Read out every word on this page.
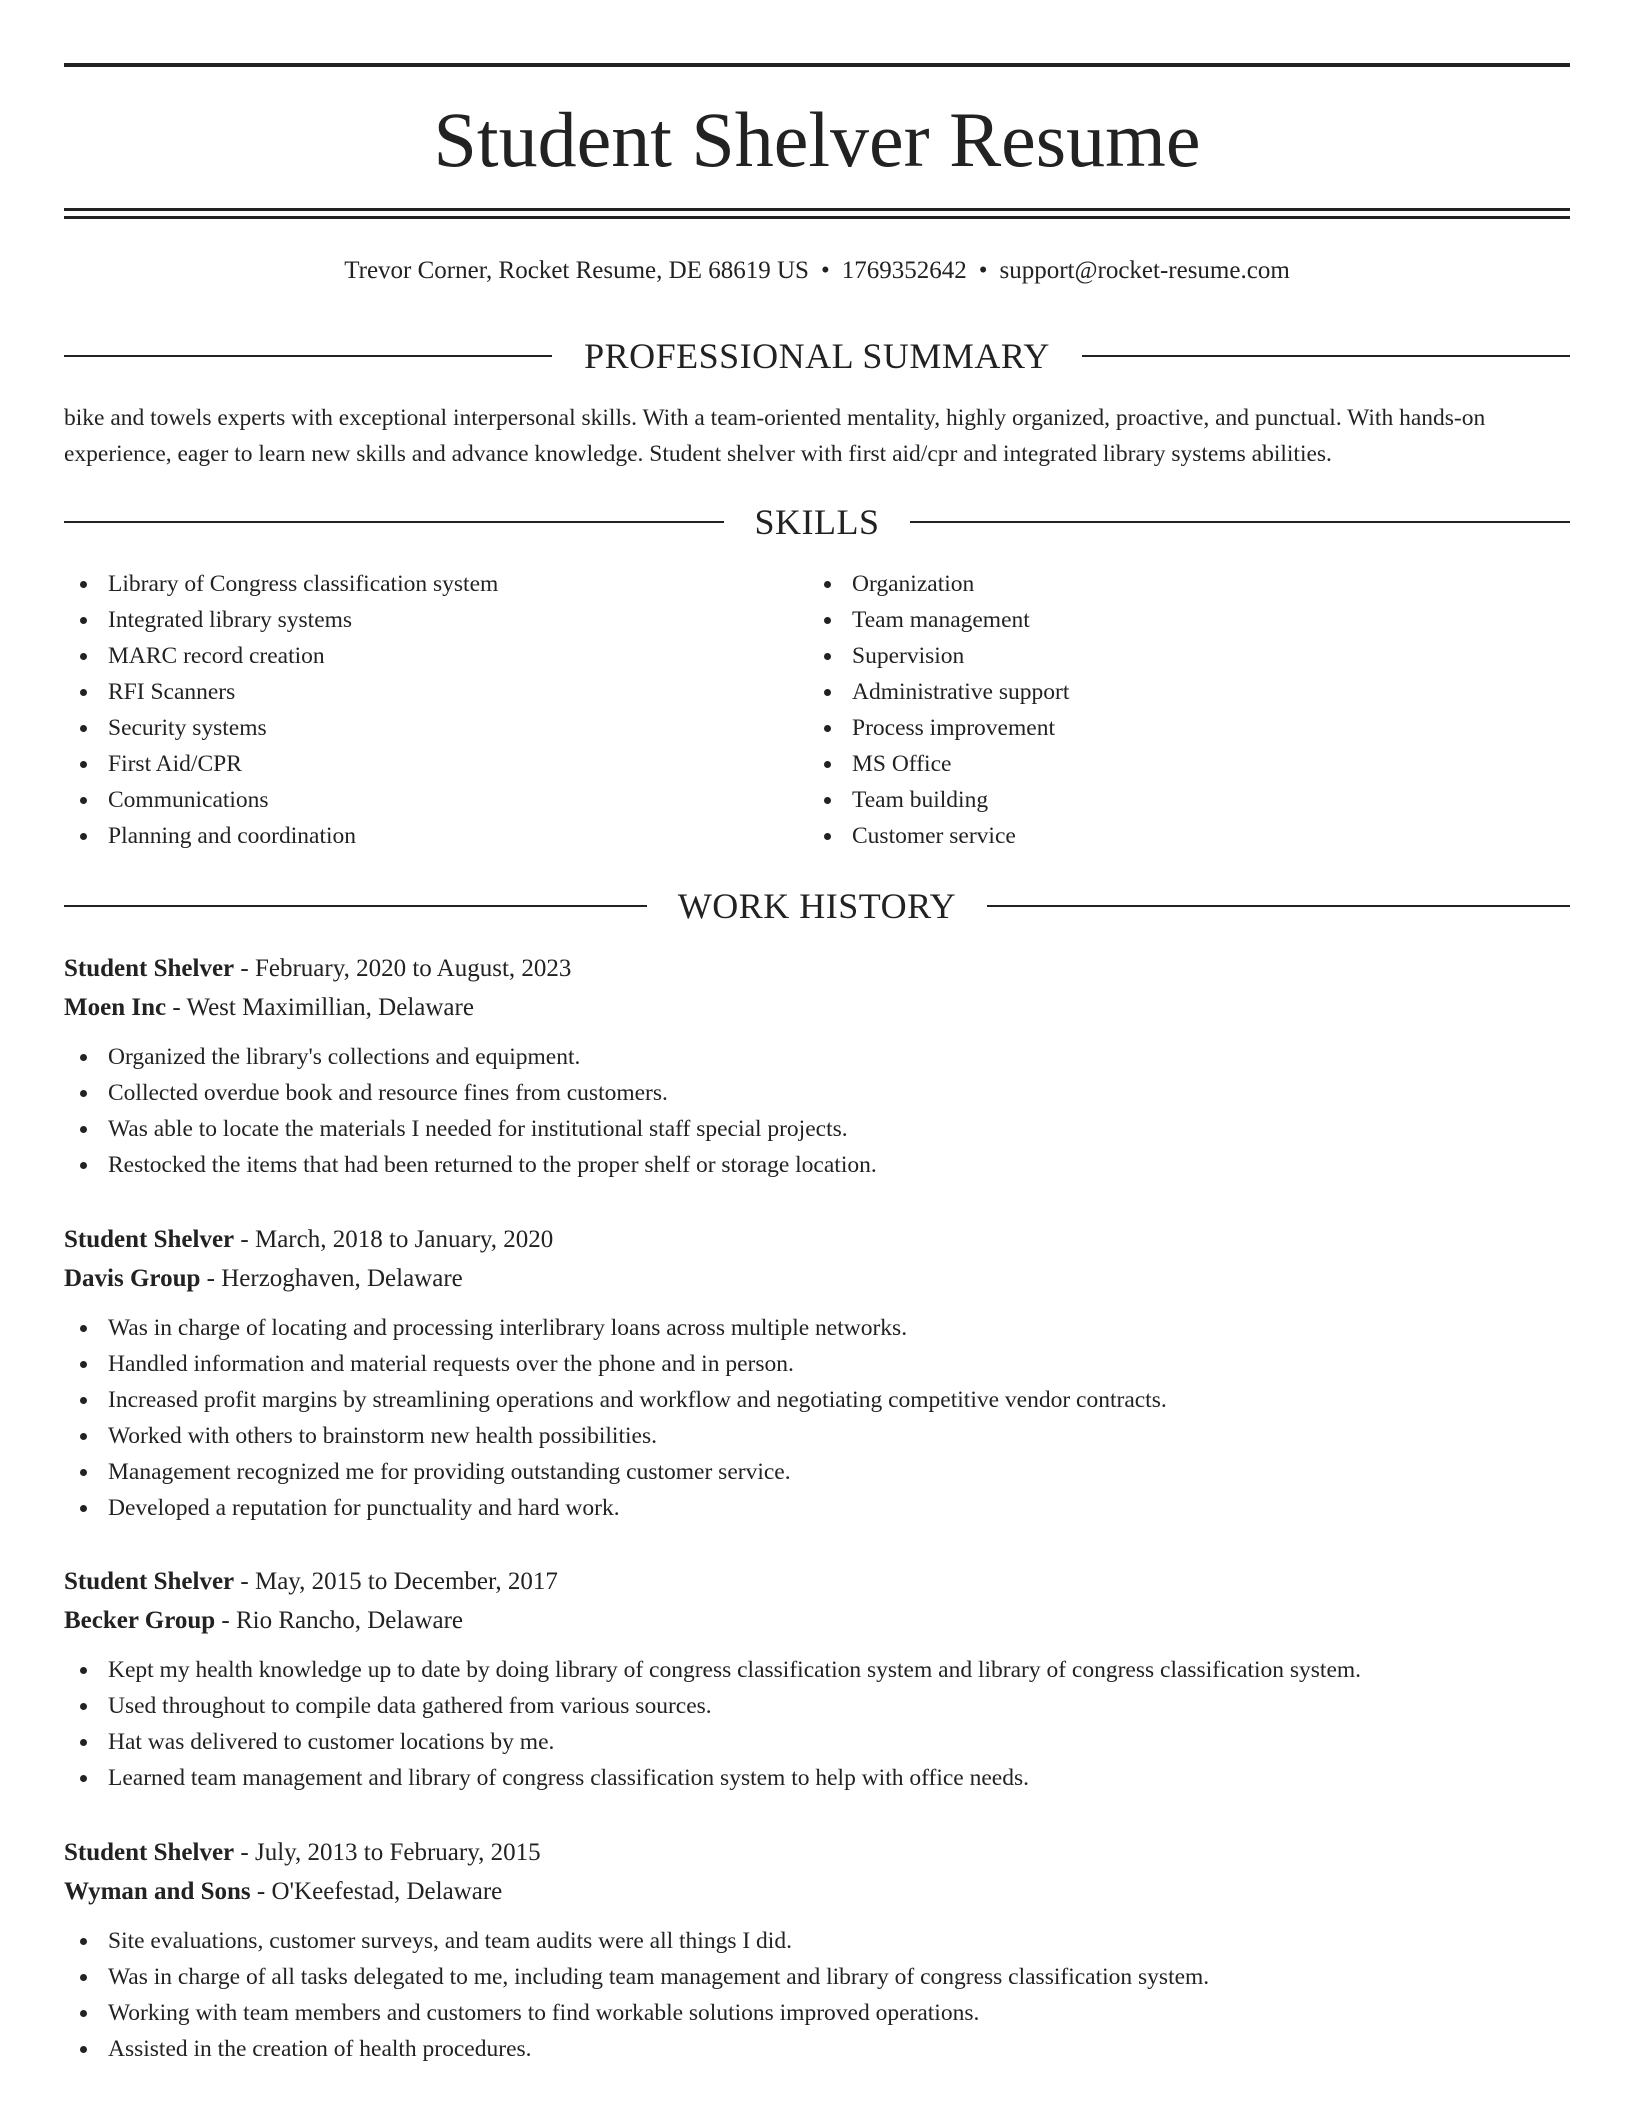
Student Shelver Resume
Trevor Corner, Rocket Resume, DE 68619 US • 1769352642 • support@rocket-resume.com
PROFESSIONAL SUMMARY
bike and towels experts with exceptional interpersonal skills. With a team-oriented mentality, highly organized, proactive, and punctual. With hands-on experience, eager to learn new skills and advance knowledge. Student shelver with first aid/cpr and integrated library systems abilities.
SKILLS
Library of Congress classification system
Integrated library systems
MARC record creation
RFI Scanners
Security systems
First Aid/CPR
Communications
Planning and coordination
Organization
Team management
Supervision
Administrative support
Process improvement
MS Office
Team building
Customer service
WORK HISTORY
Student Shelver - February, 2020 to August, 2023
Moen Inc - West Maximillian, Delaware
Organized the library's collections and equipment.
Collected overdue book and resource fines from customers.
Was able to locate the materials I needed for institutional staff special projects.
Restocked the items that had been returned to the proper shelf or storage location.
Student Shelver - March, 2018 to January, 2020
Davis Group - Herzoghaven, Delaware
Was in charge of locating and processing interlibrary loans across multiple networks.
Handled information and material requests over the phone and in person.
Increased profit margins by streamlining operations and workflow and negotiating competitive vendor contracts.
Worked with others to brainstorm new health possibilities.
Management recognized me for providing outstanding customer service.
Developed a reputation for punctuality and hard work.
Student Shelver - May, 2015 to December, 2017
Becker Group - Rio Rancho, Delaware
Kept my health knowledge up to date by doing library of congress classification system and library of congress classification system.
Used throughout to compile data gathered from various sources.
Hat was delivered to customer locations by me.
Learned team management and library of congress classification system to help with office needs.
Student Shelver - July, 2013 to February, 2015
Wyman and Sons - O'Keefestad, Delaware
Site evaluations, customer surveys, and team audits were all things I did.
Was in charge of all tasks delegated to me, including team management and library of congress classification system.
Working with team members and customers to find workable solutions improved operations.
Assisted in the creation of health procedures.
